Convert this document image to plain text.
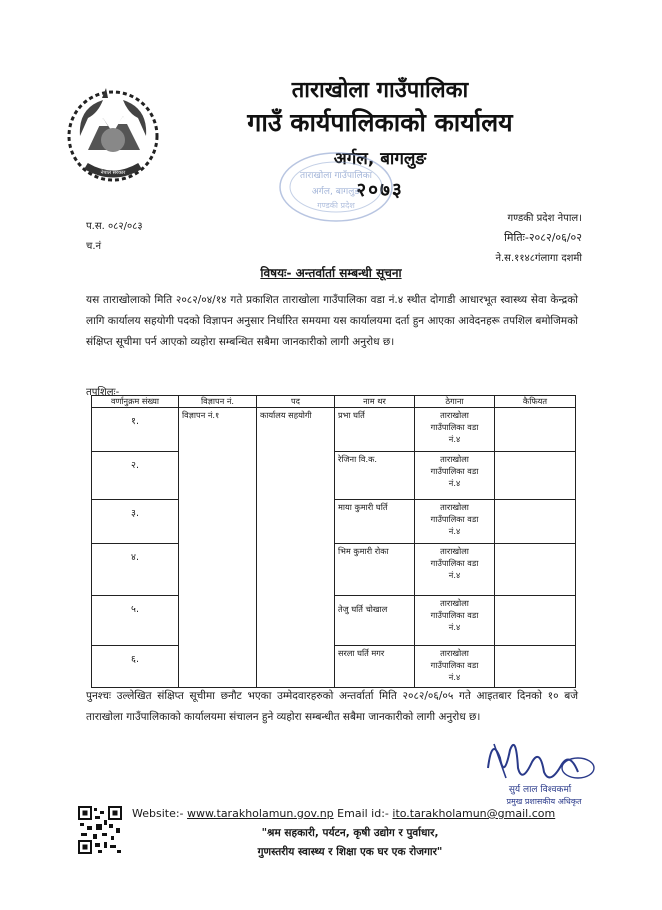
नेपाल सरकार
ताराखोला गाउँपालिका
गाउँ कार्यपालिकाको कार्यालय
अर्गल, बागलुङ
२०७३
ताराखोला गाउँपालिका
अर्गल, बागलुङ
गण्डकी प्रदेश
प.स. ०८२/०८३
च.नं
गण्डकी प्रदेश नेपाल।
मितिः-२०८२/०६/०२
ने.स.११४८गंलागा दशमी
विषयः- अन्तर्वार्ता सम्बन्धी सूचना
यस ताराखोलाको मिति २०८२/०४/१४ गते प्रकाशित ताराखोला गाउँपालिका वडा नं.४ स्थीत दोगाडी आधारभूत स्वास्थ्य सेवा केन्द्रको लागि कार्यालय सहयोगी पदको विज्ञापन अनुसार निर्धारित समयमा यस कार्यालयमा दर्ता हुन आएका आवेदनहरू तपशिल बमोजिमको संक्षिप्त सूचीमा पर्न आएको व्यहोरा सम्बन्धित सबैमा जानकारीको लागी अनुरोध छ।
तपशिलः-
वर्णानुक्रम संख्या	विज्ञापन नं.	पद	नाम थर	ठेगाना	कैफियत
१.	विज्ञापन नं.१	कार्यालय सहयोगी	प्रभा घर्ति	ताराखोला
गाउँपालिका वडा
नं.४	
२.			रेजिना वि.क.	ताराखोला
गाउँपालिका वडा
नं.४	
३.			माया कुमारी घर्ति	ताराखोला
गाउँपालिका वडा
नं.४	
४.			भिम कुमारी रोका	ताराखोला
गाउँपालिका वडा
नं.४	
५.			तेजु घर्ति चोखाल	ताराखोला
गाउँपालिका वडा
नं.४	
६.			सरला घर्ति मगर	ताराखोला
गाउँपालिका वडा
नं.४	
पुनश्चः उल्लेखित संक्षिप्त सूचीमा छनौट भएका उम्मेदवारहरुको अन्तर्वार्ता मिति २०८२/०६/०५ गते आइतबार दिनको १० बजे ताराखोला गाउँपालिकाको कार्यालयमा संचालन हुने व्यहोरा सम्बन्धीत सबैमा जानकारीको लागी अनुरोध छ।
सुर्य लाल विश्वकर्मा
प्रमुख प्रशासकीय अधिकृत
Website:- www.tarakholamun.gov.np Email id:- ito.tarakholamun@gmail.com
"श्रम सहकारी, पर्यटन, कृषी उद्योग र पुर्वाधार,
गुणस्तरीय स्वास्थ्य र शिक्षा एक घर एक रोजगार"
